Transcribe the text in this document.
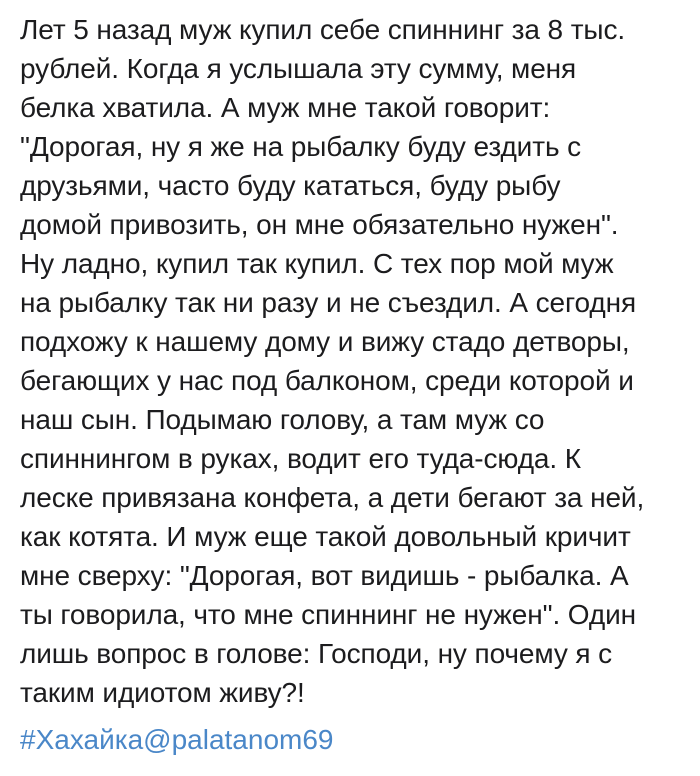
Лет 5 назад муж купил себе спиннинг за 8 тыс.
рублей. Когда я услышала эту сумму, меня
белка хватила. А муж мне такой говорит:
"Дорогая, ну я же на рыбалку буду ездить с
друзьями, часто буду кататься, буду рыбу
домой привозить, он мне обязательно нужен".
Ну ладно, купил так купил. С тех пор мой муж
на рыбалку так ни разу и не съездил. А сегодня
подхожу к нашему дому и вижу стадо детворы,
бегающих у нас под балконом, среди которой и
наш сын. Подымаю голову, а там муж со
спиннингом в руках, водит его туда-сюда. К
леске привязана конфета, а дети бегают за ней,
как котята. И муж еще такой довольный кричит
мне сверху: "Дорогая, вот видишь - рыбалка. А
ты говорила, что мне спиннинг не нужен". Один
лишь вопрос в голове: Господи, ну почему я с
таким идиотом живу?!
#Хахайка@palatanom69
